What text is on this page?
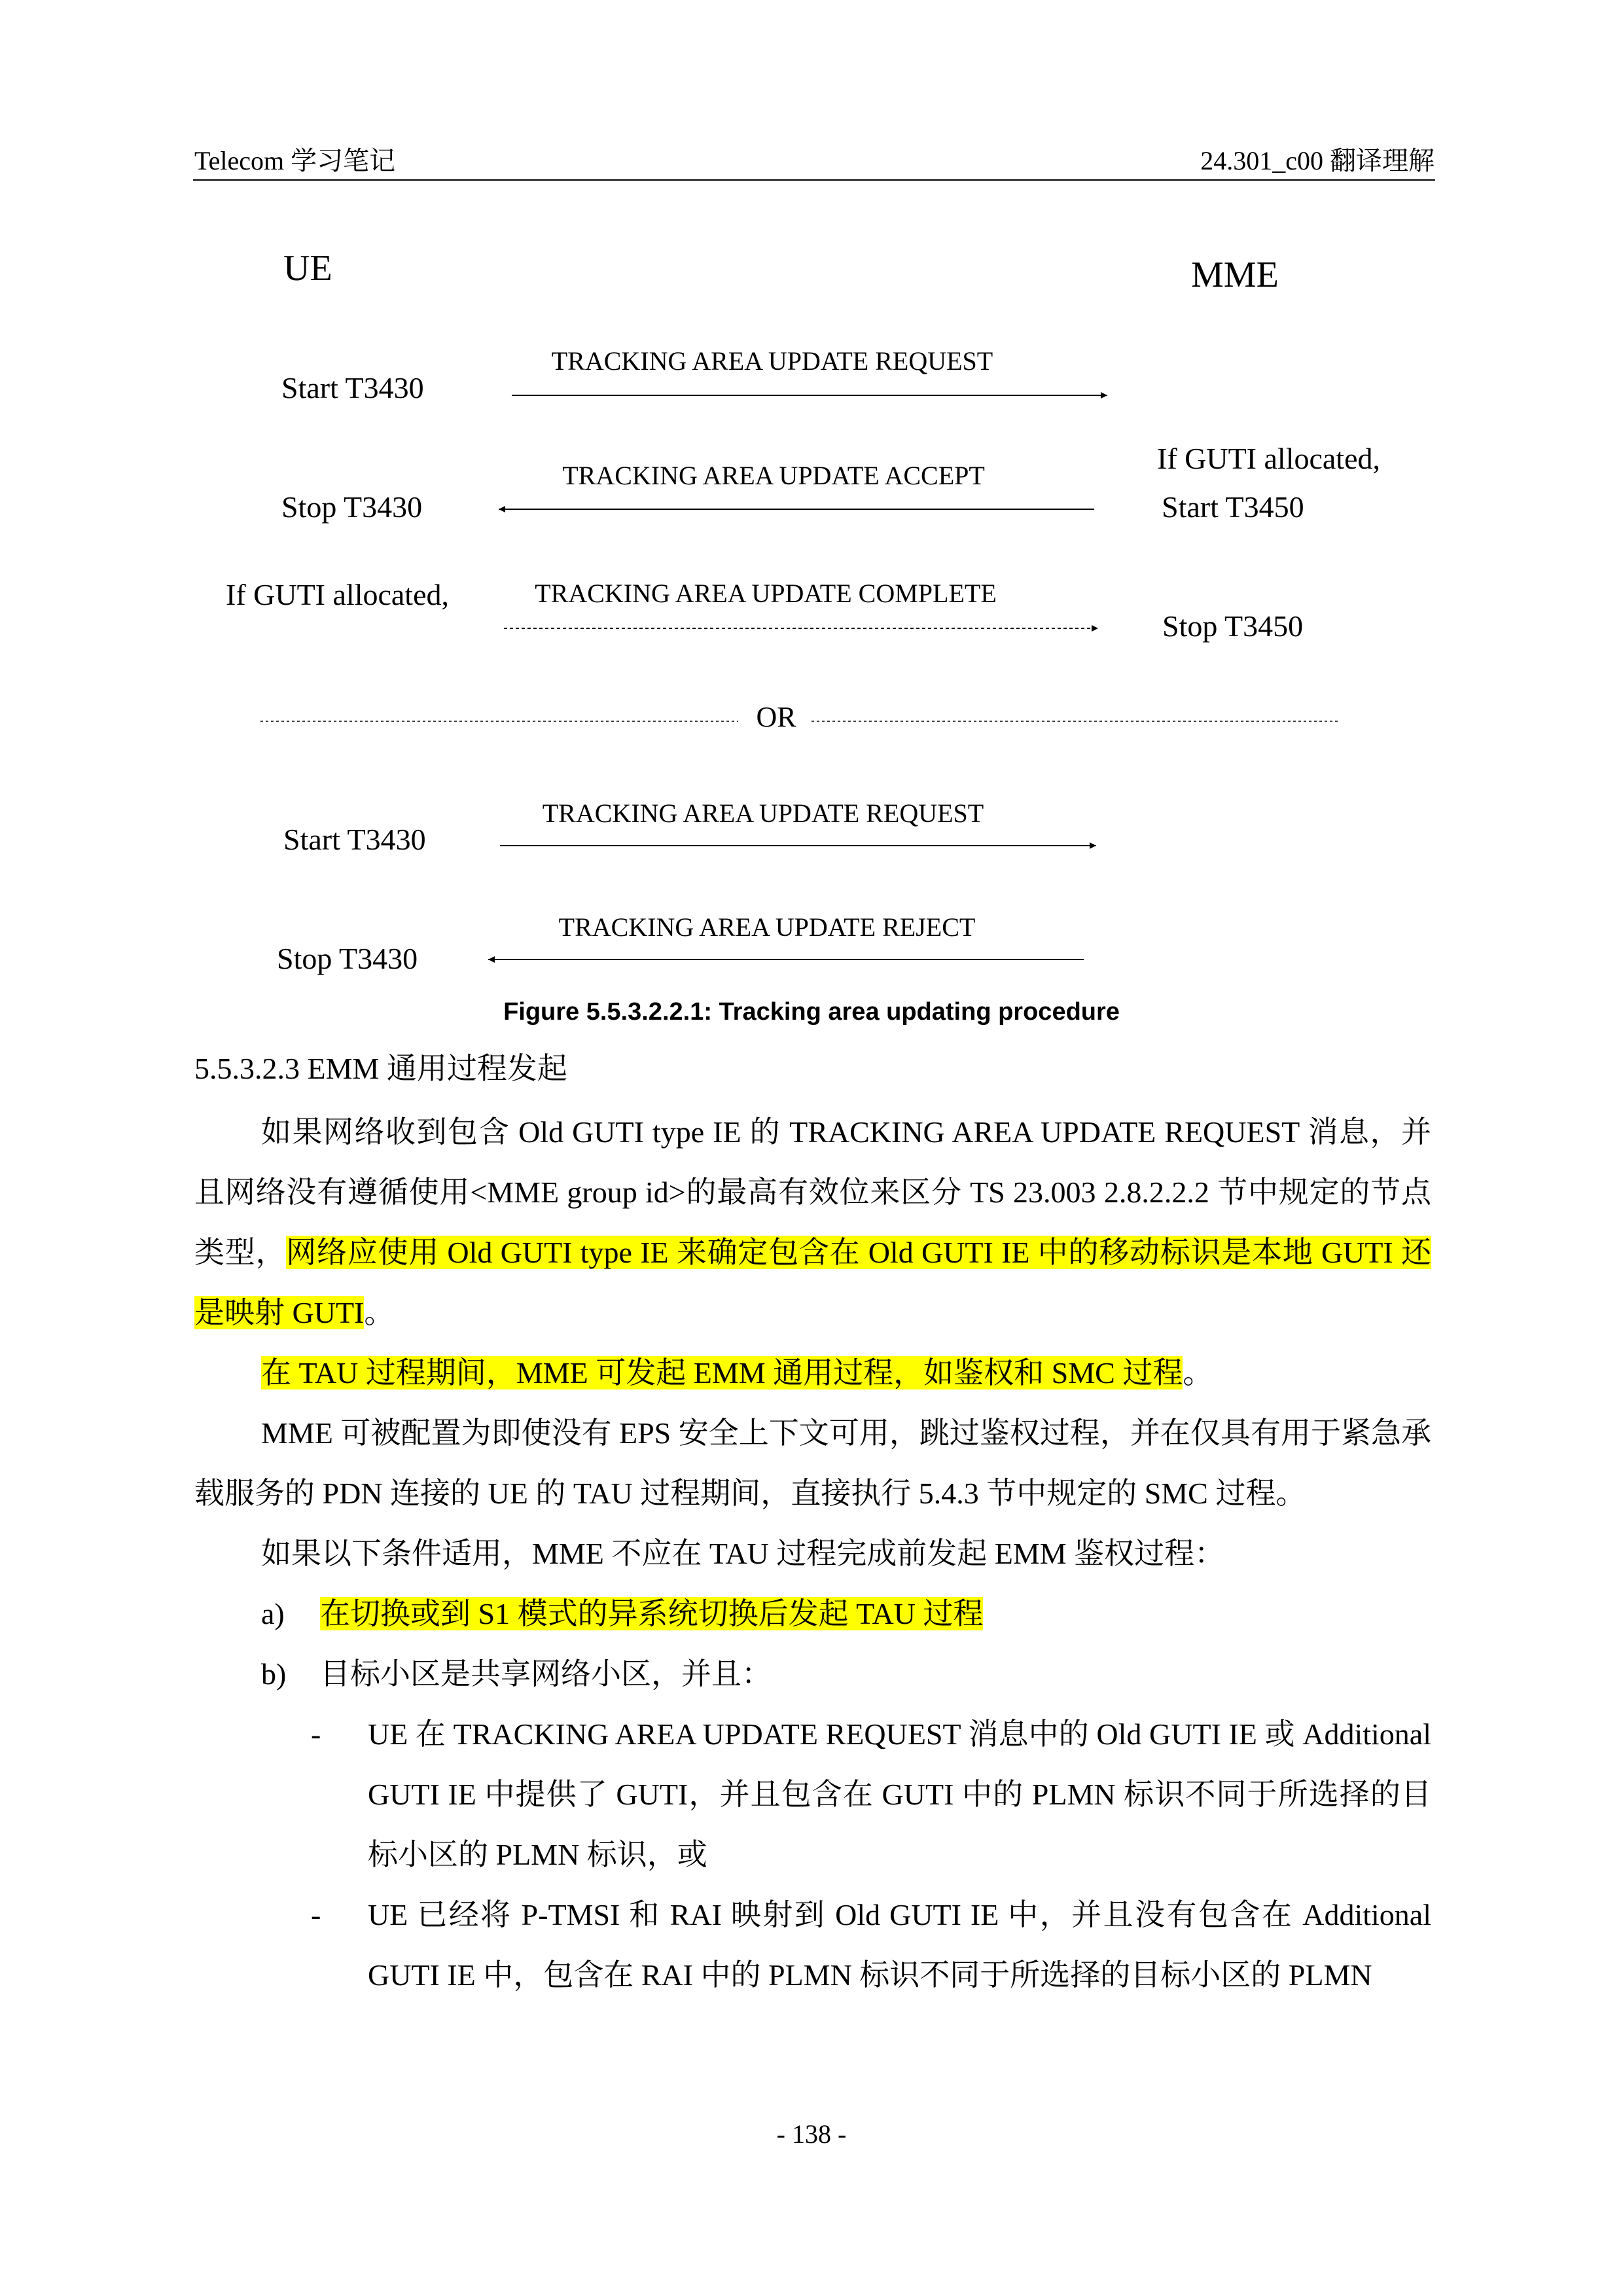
Telecom 学习笔记	24.301_c00 翻译理解
UE	MME
Start T3430
TRACKING AREA UPDATE REQUEST
If GUTI allocated,
Start T3450
TRACKING AREA UPDATE ACCEPT
Stop T3430
If GUTI allocated,	TRACKING AREA UPDATE COMPLETE
Stop T3450
OR
Start T3430
TRACKING AREA UPDATE REQUEST
TRACKING AREA UPDATE REJECT
Stop T3430
Figure 5.5.3.2.2.1: Tracking area updating procedure
5.5.3.2.3 EMM 通用过程发起

如果网络收到包含 Old GUTI type IE 的 TRACKING AREA UPDATE REQUEST 消息，并且网络没有遵循使用<MME group id>的最高有效位来区分 TS 23.003 2.8.2.2.2 节中规定的节点类型，网络应使用 Old GUTI type IE 来确定包含在 Old GUTI IE 中的移动标识是本地 GUTI 还是映射 GUTI。

在 TAU 过程期间，MME 可发起 EMM 通用过程，如鉴权和 SMC 过程。

MME 可被配置为即使没有 EPS 安全上下文可用，跳过鉴权过程，并在仅具有用于紧急承载服务的 PDN 连接的 UE 的 TAU 过程期间，直接执行 5.4.3 节中规定的 SMC 过程。

如果以下条件适用，MME 不应在 TAU 过程完成前发起 EMM 鉴权过程：

a) 在切换或到 S1 模式的异系统切换后发起 TAU 过程

b) 目标小区是共享网络小区，并且：

- UE 在 TRACKING AREA UPDATE REQUEST 消息中的 Old GUTI IE 或 Additional GUTI IE 中提供了 GUTI，并且包含在 GUTI 中的 PLMN 标识不同于所选择的目标小区的 PLMN 标识，或

- UE 已经将 P-TMSI 和 RAI 映射到 Old GUTI IE 中，并且没有包含在 Additional GUTI IE 中，包含在 RAI 中的 PLMN 标识不同于所选择的目标小区的 PLMN

- 138 -
